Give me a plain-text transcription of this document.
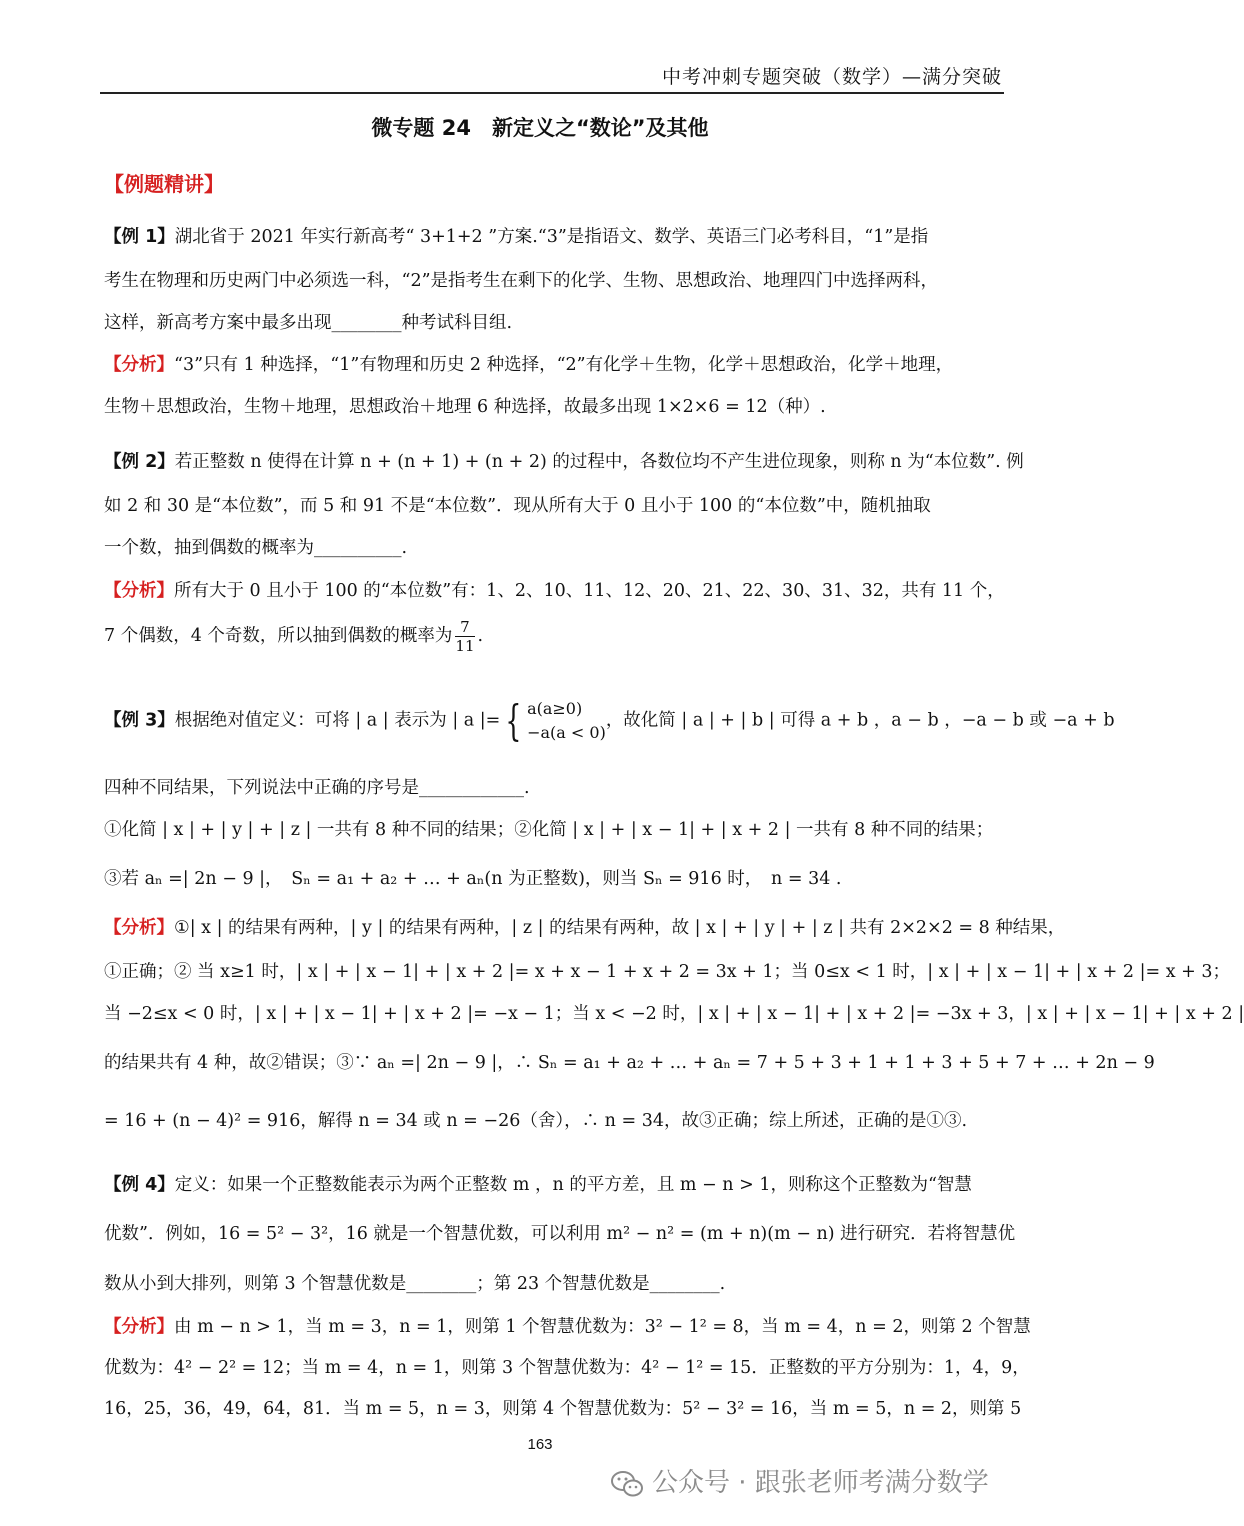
中考冲刺专题突破（数学）—满分突破
微专题 24　新定义之“数论”及其他
【例题精讲】
【例 1】湖北省于 2021 年实行新高考“ 3+1+2 ”方案.“3”是指语文、数学、英语三门必考科目，“1”是指
考生在物理和历史两门中必须选一科，“2”是指考生在剩下的化学、生物、思想政治、地理四门中选择两科，
这样，新高考方案中最多出现________种考试科目组.
【分析】“3”只有 1 种选择，“1”有物理和历史 2 种选择，“2”有化学＋生物，化学＋思想政治，化学＋地理，
生物＋思想政治，生物＋地理，思想政治＋地理 6 种选择，故最多出现 1×2×6 = 12（种）.
【例 2】若正整数 n 使得在计算 n + (n + 1) + (n + 2) 的过程中，各数位均不产生进位现象，则称 n 为“本位数”. 例
如 2 和 30 是“本位数”，而 5 和 91 不是“本位数”．现从所有大于 0 且小于 100 的“本位数”中，随机抽取
一个数，抽到偶数的概率为__________.
【分析】所有大于 0 且小于 100 的“本位数”有：1、2、10、11、12、20、21、22、30、31、32，共有 11 个，
7 个偶数，4 个奇数，所以抽到偶数的概率为 $\frac{7}{11}$ .
【例 3】根据绝对值定义：可将 | a | 表示为 | a |= { a(a≥0)
−a(a < 0)
，故化简 | a | + | b | 可得 a + b ，a − b ，−a − b 或 −a + b
四种不同结果，下列说法中正确的序号是____________.
①化简 | x | + | y | + | z | 一共有 8 种不同的结果；②化简 | x | + | x − 1| + | x + 2 | 一共有 8 种不同的结果；
③若 aₙ =| 2n − 9 |，　Sₙ = a₁ + a₂ + … + aₙ(n 为正整数)，则当 Sₙ = 916 时，　n = 34 .
【分析】①| x | 的结果有两种，| y | 的结果有两种，| z | 的结果有两种，故 | x | + | y | + | z | 共有 2×2×2 = 8 种结果，
①正确；② 当 x≥1 时，| x | + | x − 1| + | x + 2 |= x + x − 1 + x + 2 = 3x + 1；当 0≤x < 1 时，| x | + | x − 1| + | x + 2 |= x + 3；
当 −2≤x < 0 时，| x | + | x − 1| + | x + 2 |= −x − 1；当 x < −2 时，| x | + | x − 1| + | x + 2 |= −3x + 3，| x | + | x − 1| + | x + 2 |
的结果共有 4 种，故②错误；③∵ aₙ =| 2n − 9 |，∴ Sₙ = a₁ + a₂ + … + aₙ = 7 + 5 + 3 + 1 + 1 + 3 + 5 + 7 + … + 2n − 9
= 16 + (n − 4)² = 916，解得 n = 34 或 n = −26（舍），∴ n = 34，故③正确；综上所述，正确的是①③.
【例 4】定义：如果一个正整数能表示为两个正整数 m ，n 的平方差，且 m − n > 1，则称这个正整数为“智慧
优数”．例如，16 = 5² − 3²，16 就是一个智慧优数，可以利用 m² − n² = (m + n)(m − n) 进行研究．若将智慧优
数从小到大排列，则第 3 个智慧优数是________；第 23 个智慧优数是________.
【分析】由 m − n > 1，当 m = 3，n = 1，则第 1 个智慧优数为：3² − 1² = 8，当 m = 4，n = 2，则第 2 个智慧
优数为：4² − 2² = 12；当 m = 4，n = 1，则第 3 个智慧优数为：4² − 1² = 15．正整数的平方分别为：1，4，9，
16，25，36，49，64，81．当 m = 5，n = 3，则第 4 个智慧优数为：5² − 3² = 16，当 m = 5，n = 2，则第 5
163
公众号 · 跟张老师考满分数学
